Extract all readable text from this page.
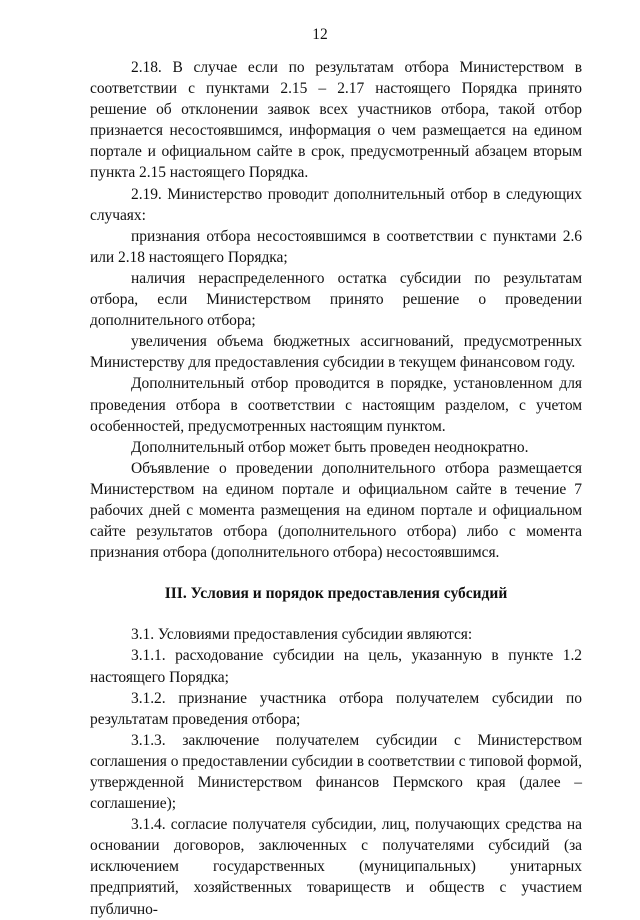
12

2.18. В случае если по результатам отбора Министерством в соответствии с пунктами 2.15 – 2.17 настоящего Порядка принято решение об отклонении заявок всех участников отбора, такой отбор признается несостоявшимся, информация о чем размещается на едином портале и официальном сайте в срок, предусмотренный абзацем вторым пункта 2.15 настоящего Порядка.

2.19. Министерство проводит дополнительный отбор в следующих случаях:

признания отбора несостоявшимся в соответствии с пунктами 2.6 или 2.18 настоящего Порядка;

наличия нераспределенного остатка субсидии по результатам отбора, если Министерством принято решение о проведении дополнительного отбора;

увеличения объема бюджетных ассигнований, предусмотренных Министерству для предоставления субсидии в текущем финансовом году.

Дополнительный отбор проводится в порядке, установленном для проведения отбора в соответствии с настоящим разделом, с учетом особенностей, предусмотренных настоящим пунктом.

Дополнительный отбор может быть проведен неоднократно.

Объявление о проведении дополнительного отбора размещается Министерством на едином портале и официальном сайте в течение 7 рабочих дней с момента размещения на едином портале и официальном сайте результатов отбора (дополнительного отбора) либо с момента признания отбора (дополнительного отбора) несостоявшимся.

III. Условия и порядок предоставления субсидий

3.1. Условиями предоставления субсидии являются:

3.1.1. расходование субсидии на цель, указанную в пункте 1.2 настоящего Порядка;

3.1.2. признание участника отбора получателем субсидии по результатам проведения отбора;

3.1.3. заключение получателем субсидии с Министерством соглашения о предоставлении субсидии в соответствии с типовой формой, утвержденной Министерством финансов Пермского края (далее – соглашение);

3.1.4. согласие получателя субсидии, лиц, получающих средства на основании договоров, заключенных с получателями субсидий (за исключением государственных (муниципальных) унитарных предприятий, хозяйственных товариществ и обществ с участием публично-
